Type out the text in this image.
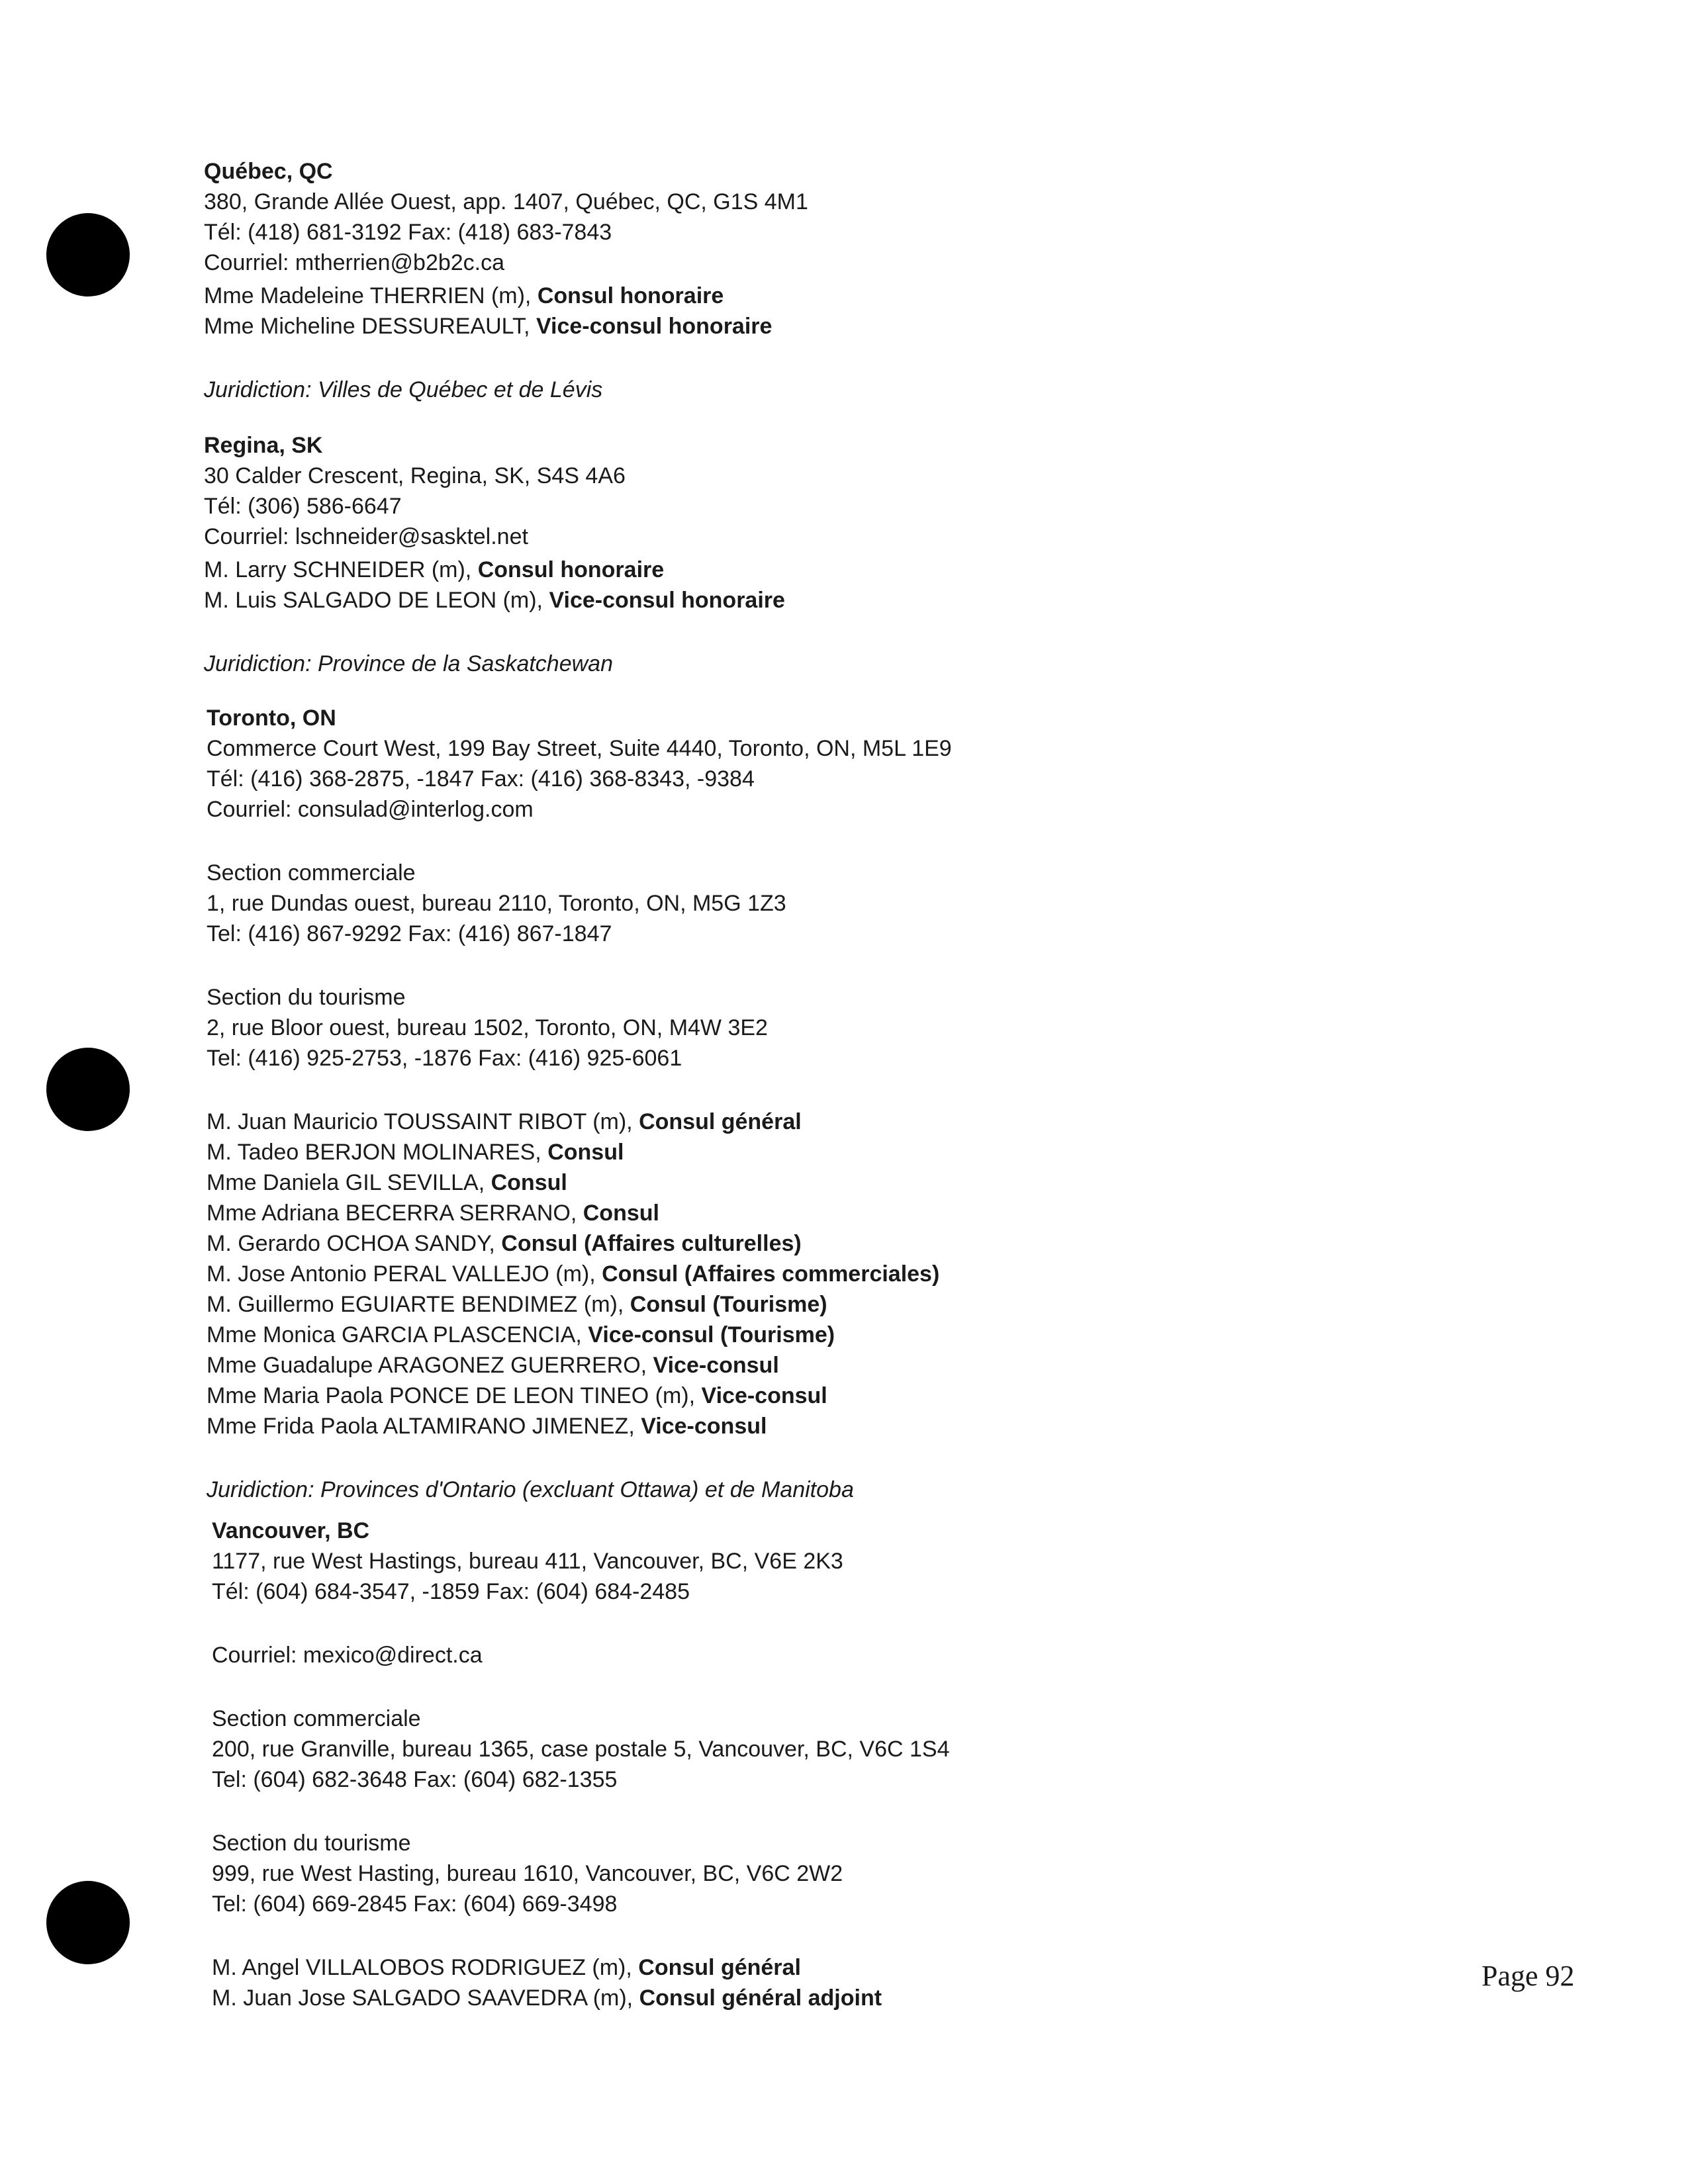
Québec, QC
380, Grande Allée Ouest, app. 1407, Québec, QC, G1S 4M1
Tél: (418) 681-3192 Fax: (418) 683-7843
Courriel: mtherrien@b2b2c.ca
Mme Madeleine THERRIEN (m), Consul honoraire
Mme Micheline DESSUREAULT, Vice-consul honoraire
Juridiction: Villes de Québec et de Lévis
Regina, SK
30 Calder Crescent, Regina, SK, S4S 4A6
Tél: (306) 586-6647
Courriel: lschneider@sasktel.net
M. Larry SCHNEIDER (m), Consul honoraire
M. Luis SALGADO DE LEON (m), Vice-consul honoraire
Juridiction: Province de la Saskatchewan
Toronto, ON
Commerce Court West, 199 Bay Street, Suite 4440, Toronto, ON, M5L 1E9
Tél: (416) 368-2875, -1847 Fax: (416) 368-8343, -9384
Courriel: consulad@interlog.com
Section commerciale
1, rue Dundas ouest, bureau 2110, Toronto, ON, M5G 1Z3
Tel: (416) 867-9292 Fax: (416) 867-1847
Section du tourisme
2, rue Bloor ouest, bureau 1502, Toronto, ON, M4W 3E2
Tel: (416) 925-2753, -1876 Fax: (416) 925-6061
M. Juan Mauricio TOUSSAINT RIBOT (m), Consul général
M. Tadeo BERJON MOLINARES, Consul
Mme Daniela GIL SEVILLA, Consul
Mme Adriana BECERRA SERRANO, Consul
M. Gerardo OCHOA SANDY, Consul (Affaires culturelles)
M. Jose Antonio PERAL VALLEJO (m), Consul (Affaires commerciales)
M. Guillermo EGUIARTE BENDIMEZ (m), Consul (Tourisme)
Mme Monica GARCIA PLASCENCIA, Vice-consul (Tourisme)
Mme Guadalupe ARAGONEZ GUERRERO, Vice-consul
Mme Maria Paola PONCE DE LEON TINEO (m), Vice-consul
Mme Frida Paola ALTAMIRANO JIMENEZ, Vice-consul
Juridiction: Provinces d'Ontario (excluant Ottawa) et de Manitoba
Vancouver, BC
1177, rue West Hastings, bureau 411, Vancouver, BC, V6E 2K3
Tél: (604) 684-3547, -1859 Fax: (604) 684-2485
Courriel: mexico@direct.ca
Section commerciale
200, rue Granville, bureau 1365, case postale 5, Vancouver, BC, V6C 1S4
Tel: (604) 682-3648 Fax: (604) 682-1355
Section du tourisme
999, rue West Hasting, bureau 1610, Vancouver, BC, V6C 2W2
Tel: (604) 669-2845 Fax: (604) 669-3498
M. Angel VILLALOBOS RODRIGUEZ (m), Consul général
M. Juan Jose SALGADO SAAVEDRA (m), Consul général adjoint
Page 92
